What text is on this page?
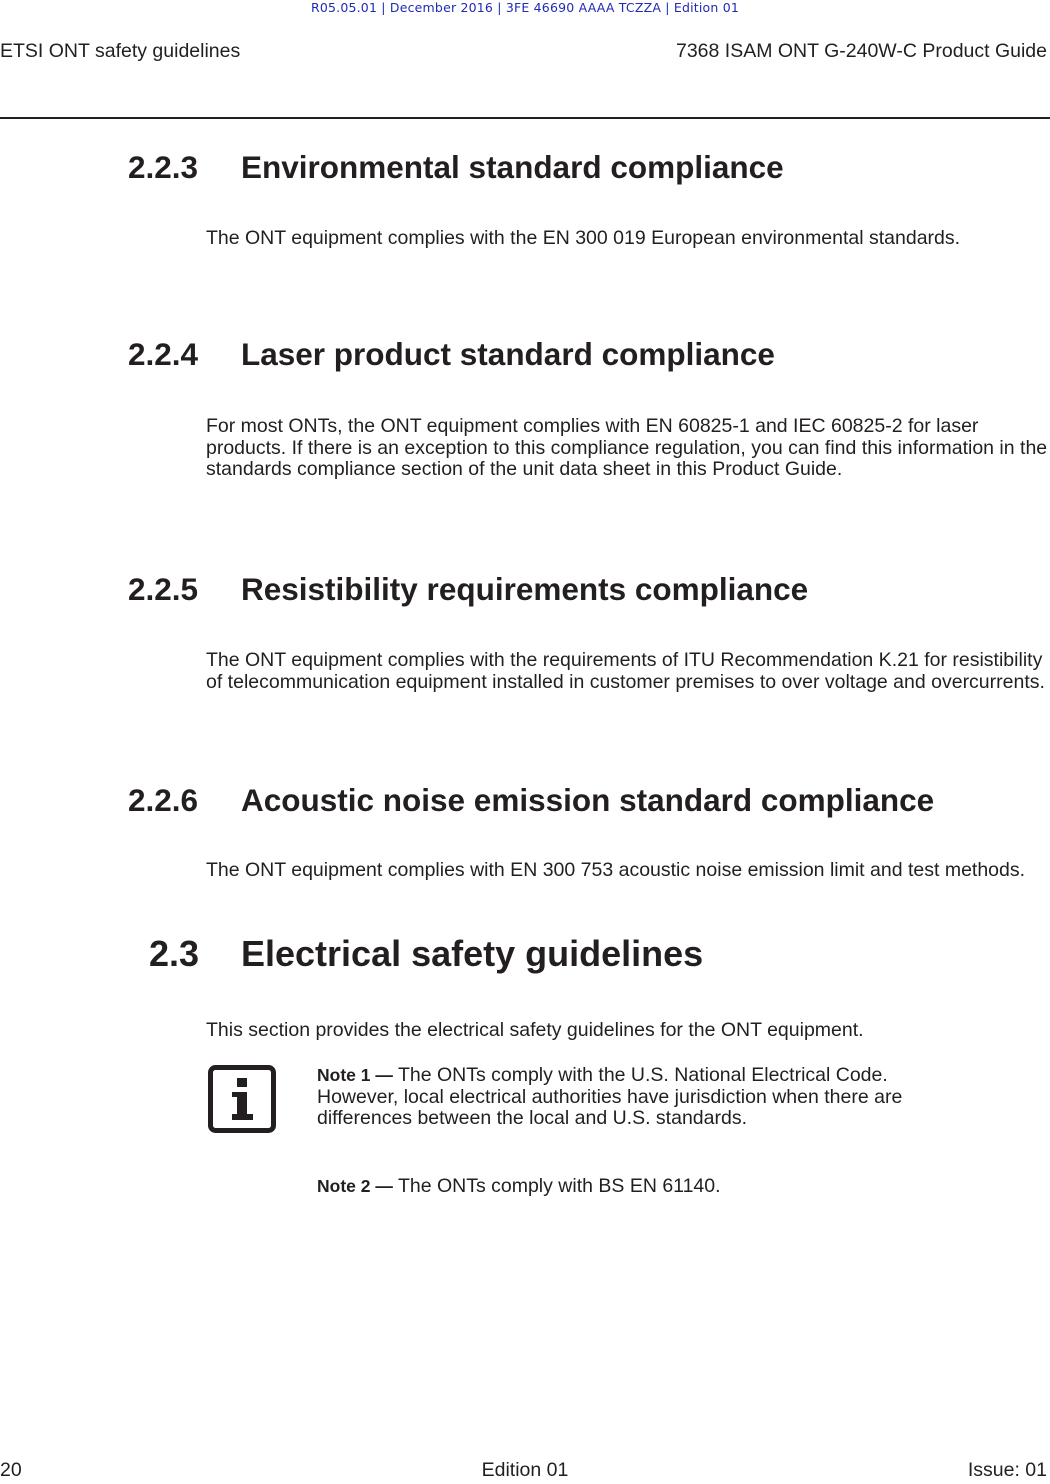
R05.05.01 | December 2016 | 3FE 46690 AAAA TCZZA | Edition 01
ETSI ONT safety guidelines	7368 ISAM ONT G-240W-C Product Guide
2.2.3 Environmental standard compliance
The ONT equipment complies with the EN 300 019 European environmental standards.
2.2.4 Laser product standard compliance
For most ONTs, the ONT equipment complies with EN 60825-1 and IEC 60825-2 for laser products. If there is an exception to this compliance regulation, you can find this information in the standards compliance section of the unit data sheet in this Product Guide.
2.2.5 Resistibility requirements compliance
The ONT equipment complies with the requirements of ITU Recommendation K.21 for resistibility of telecommunication equipment installed in customer premises to over voltage and overcurrents.
2.2.6 Acoustic noise emission standard compliance
The ONT equipment complies with EN 300 753 acoustic noise emission limit and test methods.
2.3 Electrical safety guidelines
This section provides the electrical safety guidelines for the ONT equipment.
Note 1 — The ONTs comply with the U.S. National Electrical Code. However, local electrical authorities have jurisdiction when there are differences between the local and U.S. standards.
Note 2 — The ONTs comply with BS EN 61140.
20	Edition 01	Issue: 01
